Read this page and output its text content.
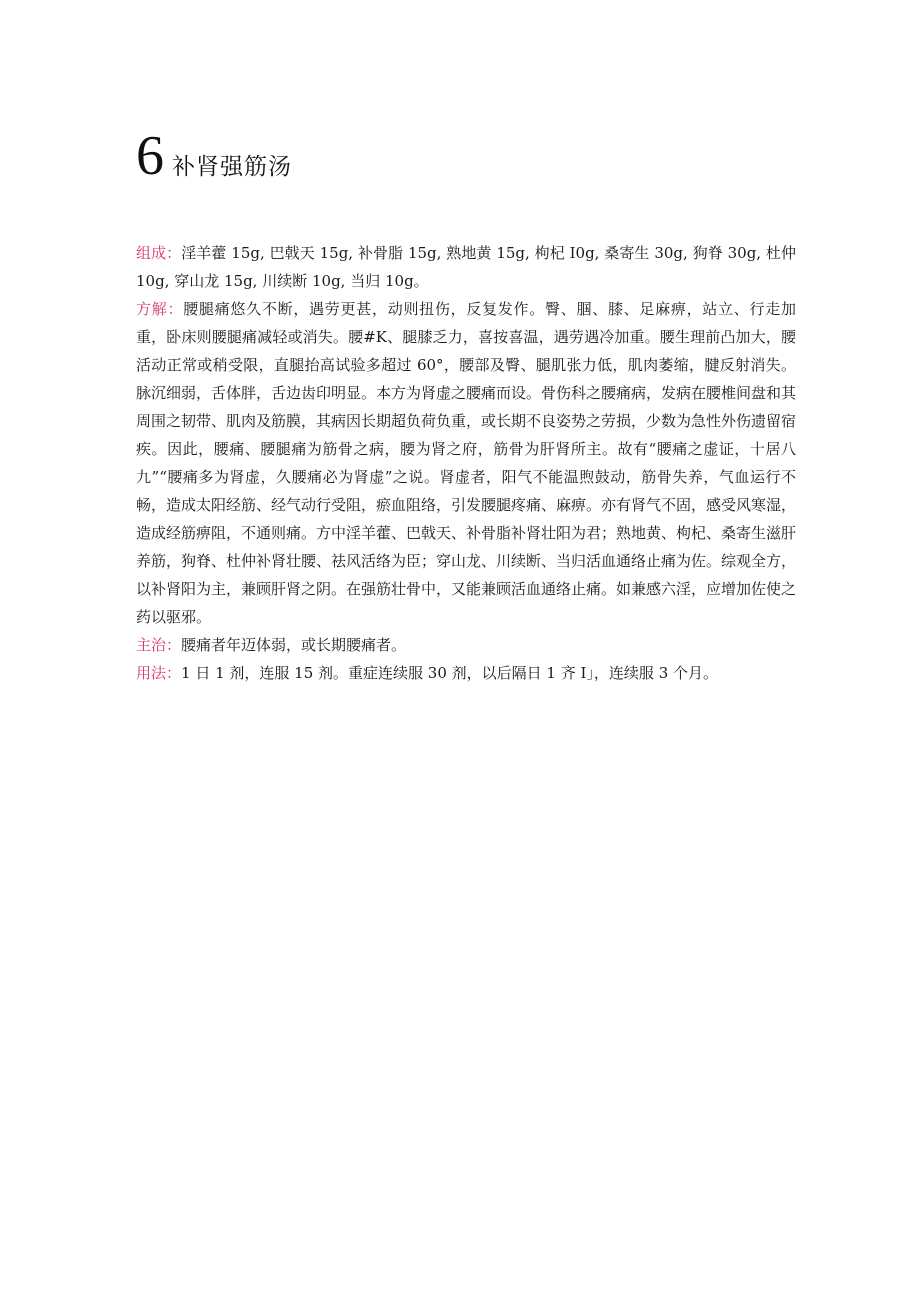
6 补肾强筋汤

组成：淫羊藿 15g, 巴戟天 15g, 补骨脂 15g, 熟地黄 15g, 枸杞 I0g, 桑寄生 30g, 狗脊 30g, 杜仲 10g, 穿山龙 15g, 川续断 10g, 当归 10g。

方解：腰腿痛悠久不断，遇劳更甚，动则扭伤，反复发作。臀、腘、膝、足麻痹，站立、行走加重，卧床则腰腿痛减轻或消失。腰#K、腿膝乏力，喜按喜温，遇劳遇冷加重。腰生理前凸加大，腰活动正常或稍受限，直腿抬高试验多超过 60°，腰部及臀、腿肌张力低，肌肉萎缩，腱反射消失。脉沉细弱，舌体胖，舌边齿印明显。本方为肾虚之腰痛而设。骨伤科之腰痛病，发病在腰椎间盘和其周围之韧带、肌肉及筋膜，其病因长期超负荷负重，或长期不良姿势之劳损，少数为急性外伤遗留宿疾。因此，腰痛、腰腿痛为筋骨之病，腰为肾之府，筋骨为肝肾所主。故有“腰痛之虚证，十居八九”“腰痛多为肾虚，久腰痛必为肾虚”之说。肾虚者，阳气不能温煦鼓动，筋骨失养，气血运行不畅，造成太阳经筋、经气动行受阻，瘀血阻络，引发腰腿疼痛、麻痹。亦有肾气不固，感受风寒湿，造成经筋痹阻，不通则痛。方中淫羊藿、巴戟天、补骨脂补肾壮阳为君；熟地黄、枸杞、桑寄生滋肝养筋，狗脊、杜仲补肾壮腰、祛风活络为臣；穿山龙、川续断、当归活血通络止痛为佐。综观全方，以补肾阳为主，兼顾肝肾之阴。在强筋壮骨中，又能兼顾活血通络止痛。如兼感六淫，应增加佐使之药以驱邪。

主治：腰痛者年迈体弱，或长期腰痛者。

用法：1 日 1 剂，连服 15 剂。重症连续服 30 剂，以后隔日 1 齐 I」，连续服 3 个月。
